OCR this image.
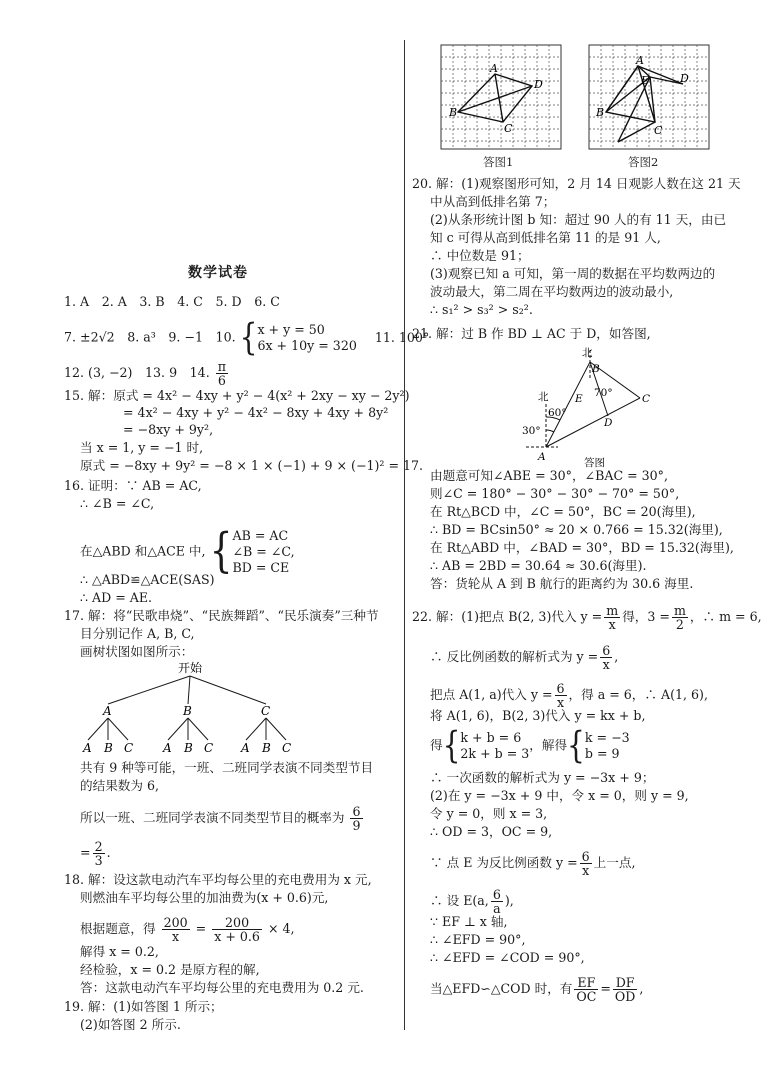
数学试卷
1. A　2. A　3. B　4. C　5. D　6. C
7. ±2√2　8. a³　9. −1　10. { x + y = 50
6x + 10y = 320
11. 100°
12. (3, −2)　13. 9　14. $\frac{\pi}{6}$
15. 解：原式 = 4x² − 4xy + y² − 4(x² + 2xy − xy − 2y²)
= 4x² − 4xy + y² − 4x² − 8xy + 4xy + 8y²
= −8xy + 9y²,
当 x = 1, y = −1 时,
原式 = −8xy + 9y² = −8 × 1 × (−1) + 9 × (−1)² = 17.
16. 证明：∵ AB = AC,
∴ ∠B = ∠C,
在△ABD 和△ACE 中, { AB = AC
∠B = ∠C,
BD = CE
∴ △ABD≌△ACE(SAS)
∴ AD = AE.
17. 解：将“民歌串烧”、“民族舞蹈”、“民乐演奏”三种节
目分别记作 A, B, C,
画树状图如图所示：
开始
A	B	C
A B C A B C A B C
共有 9 种等可能，一班、二班同学表演不同类型节目
的结果数为 6,
所以一班、二班同学表演不同类型节目的概率为 $\frac{6}{9}$
= $\frac{2}{3}$ .
18. 解：设这款电动汽车平均每公里的充电费用为 x 元,
则燃油车平均每公里的加油费为(x + 0.6)元,
根据题意，得 $\frac{200}{x} = \frac{200}{x + 0.6} \times 4$,
解得 x = 0.2,
经检验，x = 0.2 是原方程的解,
答：这款电动汽车平均每公里的充电费用为 0.2 元.
19. 解：(1)如答图 1 所示；
(2)如答图 2 所示.
A
B
C
D
答图1
A
E	D
B
C
答图2
20. 解：(1)观察图形可知，2 月 14 日观影人数在这 21 天
中从高到低排名第 7；
(2)从条形统计图 b 知：超过 90 人的有 11 天，由已
知 c 可得从高到低排名第 11 的是 91 人,
∴ 中位数是 91；
(3)观察已知 a 可知，第一周的数据在平均数两边的
波动最大，第二周在平均数两边的波动最小,
∴ s₁² > s₃² > s₂².
21. 解：过 B 作 BD ⊥ AC 于 D，如答图,
北
北
B
E 70°	C
D
60°
30°
A	答图
由题意可知∠ABE = 30°，∠BAC = 30°,
则∠C = 180° − 30° − 30° − 70° = 50°,
在 Rt△BCD 中，∠C = 50°，BC = 20(海里),
∴ BD = BCsin50° ≈ 20 × 0.766 = 15.32(海里),
在 Rt△ABD 中，∠BAD = 30°，BD = 15.32(海里),
∴ AB = 2BD = 30.64 ≈ 30.6(海里).
答：货轮从 A 到 B 航行的距离约为 30.6 海里.
22. 解：(1)把点 B(2, 3)代入 $y = \frac{m}{x}$ 得，$3 = \frac{m}{2}$ ，∴ m = 6,
∴ 反比例函数的解析式为 $y = \frac{6}{x}$ ,
把点 A(1, a)代入 $y = \frac{6}{x}$ ，得 a = 6，∴ A(1, 6),
将 A(1, 6)，B(2, 3)代入 y = kx + b,
得{ k + b = 6
2k + b = 3
，解得{ k = −3
b = 9
∴ 一次函数的解析式为 y = −3x + 9；
(2)在 y = −3x + 9 中，令 x = 0，则 y = 9,
令 y = 0，则 x = 3,
∴ OD = 3，OC = 9,
∵ 点 E 为反比例函数 $y = \frac{6}{x}$ 上一点,
∴ 设 E(a, $\frac{6}{a}$ ),
∵ EF ⊥ x 轴,
∴ ∠EFD = 90°,
∴ ∠EFD = ∠COD = 90°,
当△EFD∽△COD 时，有 $\frac{EF}{OC} = \frac{DF}{OD}$ ,
